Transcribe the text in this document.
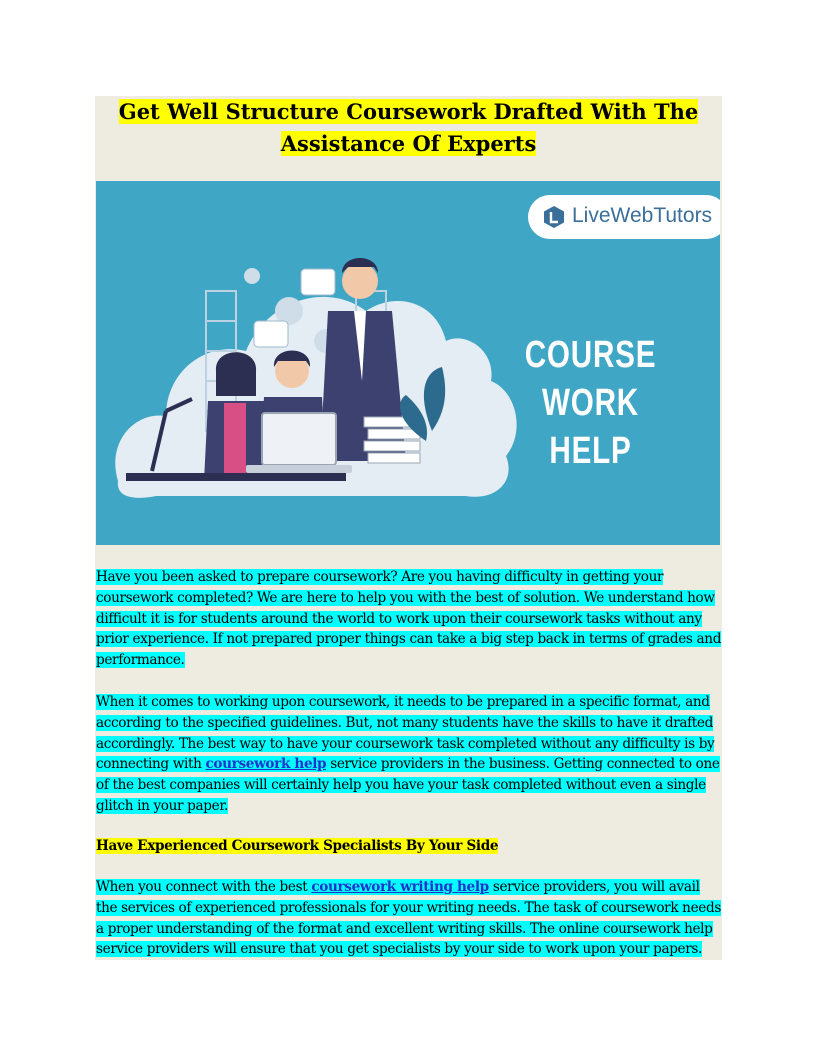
Get Well Structure Coursework Drafted With The
Assistance Of Experts
LiveWebTutors
COURSE WORK
HELP
Have you been asked to prepare coursework? Are you having difficulty in getting your coursework completed? We are here to help you with the best of solution. We understand how difficult it is for students around the world to work upon their coursework tasks without any prior experience. If not prepared proper things can take a big step back in terms of grades and performance.
When it comes to working upon coursework, it needs to be prepared in a specific format, and according to the specified guidelines. But, not many students have the skills to have it drafted accordingly. The best way to have your coursework task completed without any difficulty is by connecting with coursework help service providers in the business. Getting connected to one of the best companies will certainly help you have your task completed without even a single glitch in your paper.
Have Experienced Coursework Specialists By Your Side
When you connect with the best coursework writing help service providers, you will avail the services of experienced professionals for your writing needs. The task of coursework needs a proper understanding of the format and excellent writing skills. The online coursework help service providers will ensure that you get specialists by your side to work upon your papers.
